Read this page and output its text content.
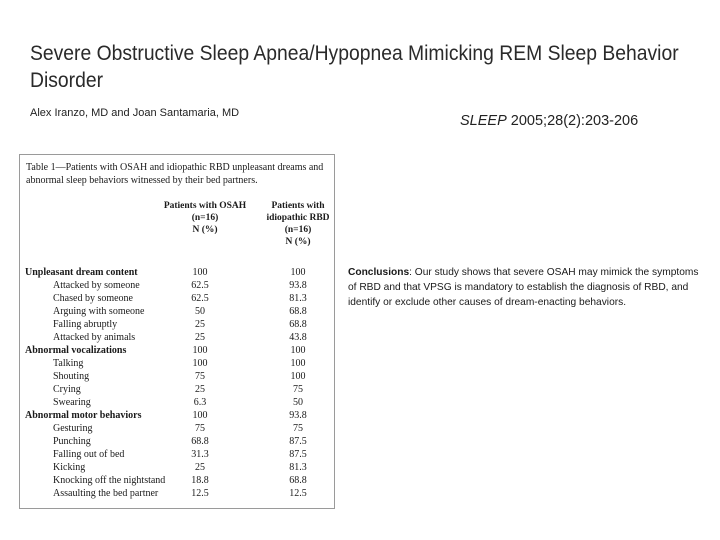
Severe Obstructive Sleep Apnea/Hypopnea Mimicking REM Sleep Behavior
Disorder
Alex Iranzo, MD and Joan Santamaria, MD	SLEEP 2005;28(2):203-206
Table 1—Patients with OSAH and idiopathic RBD unpleasant dreams and abnormal sleep behaviors witnessed by their bed partners.
Patients with OSAH
(n=16)
N (%)
Patients with
idiopathic RBD
(n=16)
N (%)
Unpleasant dream content	100	100
Attacked by someone	62.5	93.8
Chased by someone	62.5	81.3
Arguing with someone	50	68.8
Falling abruptly	25	68.8
Attacked by animals	25	43.8
Abnormal vocalizations	100	100
Talking	100	100
Shouting	75	100
Crying	25	75
Swearing	6.3	50
Abnormal motor behaviors	100	93.8
Gesturing	75	75
Punching	68.8	87.5
Falling out of bed	31.3	87.5
Kicking	25	81.3
Knocking off the nightstand	18.8	68.8
Assaulting the bed partner	12.5	12.5
Conclusions: Our study shows that severe OSAH may mimick the symptoms of RBD and that VPSG is mandatory to establish the diagnosis of RBD, and identify or exclude other causes of dream-enacting behaviors.
